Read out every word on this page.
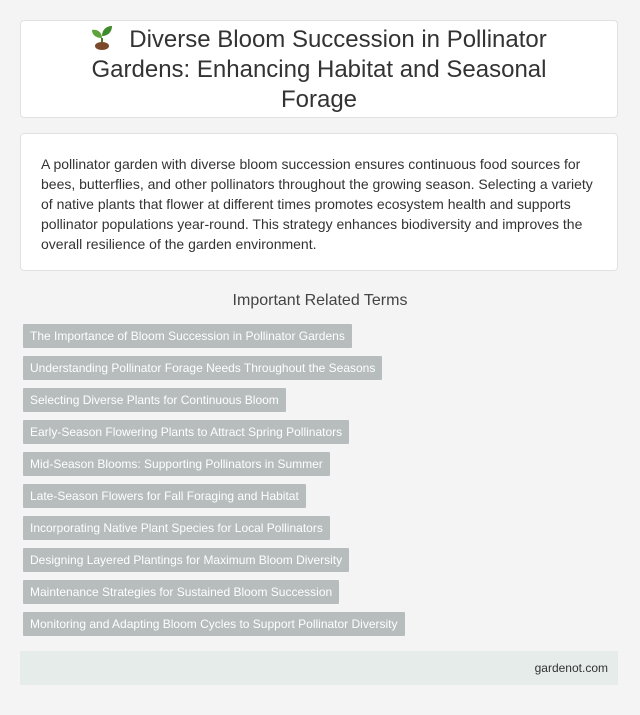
Diverse Bloom Succession in Pollinator Gardens: Enhancing Habitat and Seasonal Forage

A pollinator garden with diverse bloom succession ensures continuous food sources for bees, butterflies, and other pollinators throughout the growing season. Selecting a variety of native plants that flower at different times promotes ecosystem health and supports pollinator populations year-round. This strategy enhances biodiversity and improves the overall resilience of the garden environment.

Important Related Terms
The Importance of Bloom Succession in Pollinator Gardens
Understanding Pollinator Forage Needs Throughout the Seasons
Selecting Diverse Plants for Continuous Bloom
Early-Season Flowering Plants to Attract Spring Pollinators
Mid-Season Blooms: Supporting Pollinators in Summer
Late-Season Flowers for Fall Foraging and Habitat
Incorporating Native Plant Species for Local Pollinators
Designing Layered Plantings for Maximum Bloom Diversity
Maintenance Strategies for Sustained Bloom Succession
Monitoring and Adapting Bloom Cycles to Support Pollinator Diversity
gardenot.com
